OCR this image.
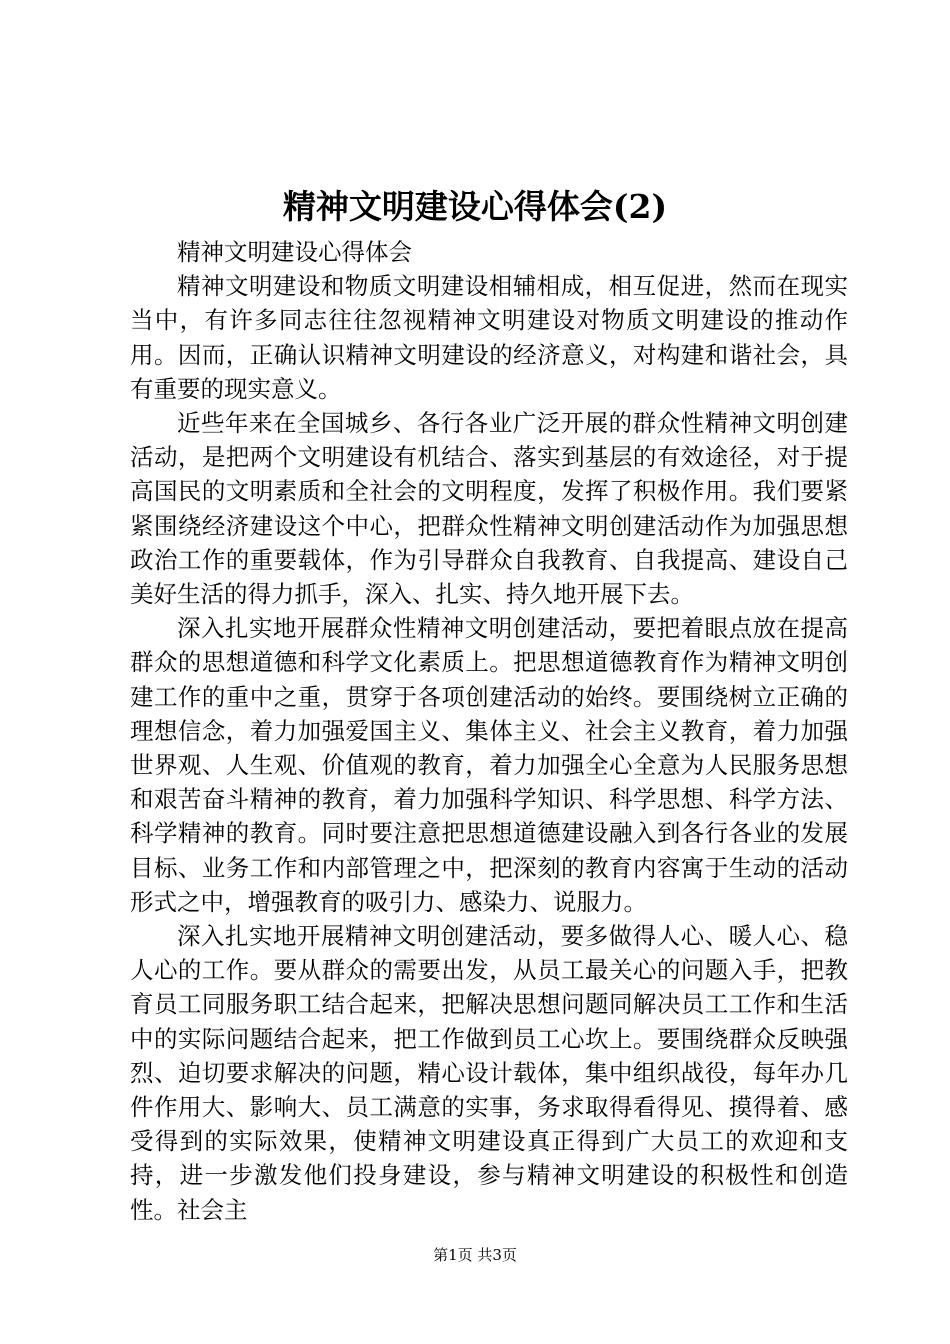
精神文明建设心得体会(2)

精神文明建设心得体会

精神文明建设和物质文明建设相辅相成，相互促进，然而在现实当中，有许多同志往往忽视精神文明建设对物质文明建设的推动作用。因而，正确认识精神文明建设的经济意义，对构建和谐社会，具有重要的现实意义。

近些年来在全国城乡、各行各业广泛开展的群众性精神文明创建活动，是把两个文明建设有机结合、落实到基层的有效途径，对于提高国民的文明素质和全社会的文明程度，发挥了积极作用。我们要紧紧围绕经济建设这个中心，把群众性精神文明创建活动作为加强思想政治工作的重要载体，作为引导群众自我教育、自我提高、建设自己美好生活的得力抓手，深入、扎实、持久地开展下去。

深入扎实地开展群众性精神文明创建活动，要把着眼点放在提高群众的思想道德和科学文化素质上。把思想道德教育作为精神文明创建工作的重中之重，贯穿于各项创建活动的始终。要围绕树立正确的理想信念，着力加强爱国主义、集体主义、社会主义教育，着力加强世界观、人生观、价值观的教育，着力加强全心全意为人民服务思想和艰苦奋斗精神的教育，着力加强科学知识、科学思想、科学方法、科学精神的教育。同时要注意把思想道德建设融入到各行各业的发展目标、业务工作和内部管理之中，把深刻的教育内容寓于生动的活动形式之中，增强教育的吸引力、感染力、说服力。

深入扎实地开展精神文明创建活动，要多做得人心、暖人心、稳人心的工作。要从群众的需要出发，从员工最关心的问题入手，把教育员工同服务职工结合起来，把解决思想问题同解决员工工作和生活中的实际问题结合起来，把工作做到员工心坎上。要围绕群众反映强烈、迫切要求解决的问题，精心设计载体，集中组织战役，每年办几件作用大、影响大、员工满意的实事，务求取得看得见、摸得着、感受得到的实际效果，使精神文明建设真正得到广大员工的欢迎和支持，进一步激发他们投身建设，参与精神文明建设的积极性和创造性。社会主

第1页 共3页
